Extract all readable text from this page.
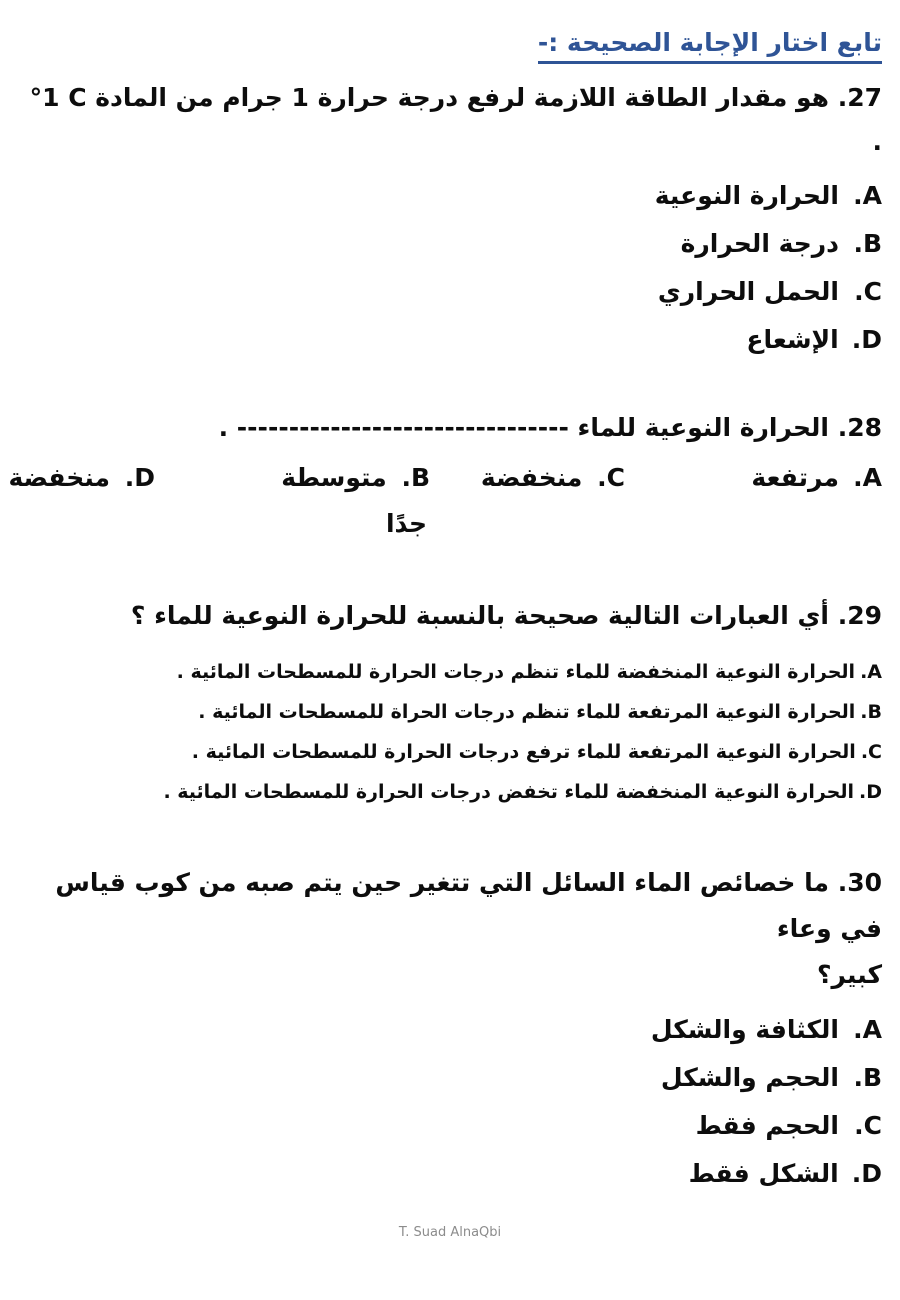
تابع اختار الإجابة الصحيحة :-
27. هو مقدار الطاقة اللازمة لرفع درجة حرارة 1 جرام من المادة °1 C .
A.الحرارة النوعية
B.درجة الحرارة
C.الحمل الحراري
D.الإشعاع
28. الحرارة النوعية للماء -------------------------------- .
A.مرتفعة
C. منخفضة
B. متوسطة
D. منخفضة
جدًا
29. أي العبارات التالية صحيحة بالنسبة للحرارة النوعية للماء ؟
A.الحرارة النوعية المنخفضة للماء تنظم درجات الحرارة للمسطحات المائية .
B.الحرارة النوعية المرتفعة للماء تنظم درجات الحراة للمسطحات المائية .
C.الحرارة النوعية المرتفعة للماء ترفع درجات الحرارة للمسطحات المائية .
D.الحرارة النوعية المنخفضة للماء تخفض درجات الحرارة للمسطحات المائية .
30. ما خصائص الماء السائل التي تتغير حين يتم صبه من كوب قياس في وعاء
كبير؟
A.الكثافة والشكل
B.الحجم والشكل
C.الحجم فقط
D.الشكل فقط
T. Suad AlnaQbi
